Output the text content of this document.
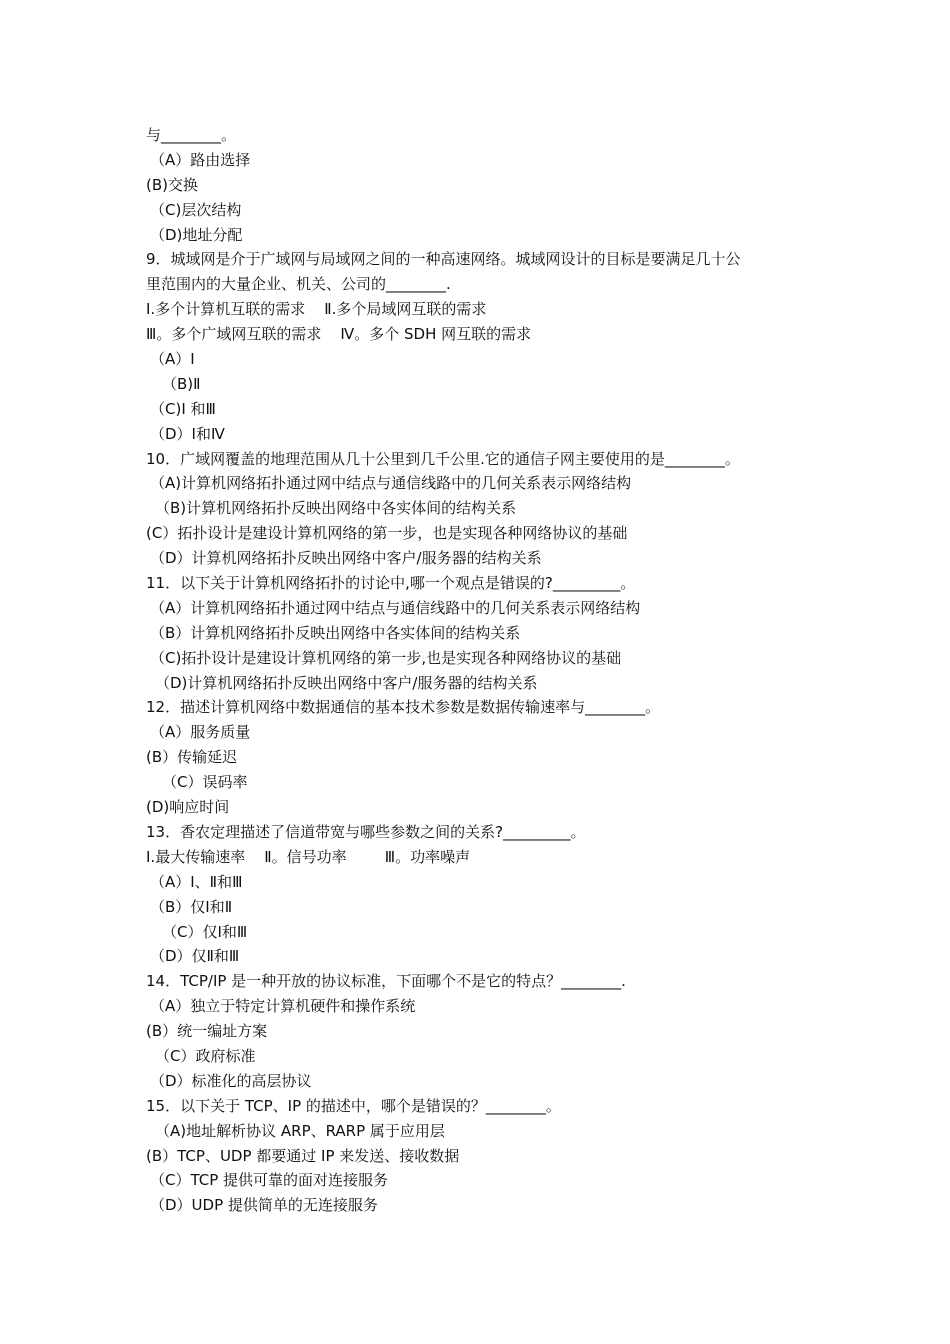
与________。
（A）路由选择
(B)交换
（C)层次结构
（D)地址分配
9．城域网是介于广域网与局域网之间的一种高速网络。城域网设计的目标是要满足几十公
里范围内的大量企业、机关、公司的________.
Ⅰ.多个计算机互联的需求    Ⅱ.多个局域网互联的需求
Ⅲ。多个广域网互联的需求    Ⅳ。多个 SDH 网互联的需求
（A）Ⅰ
（B)Ⅱ
（C)Ⅰ 和Ⅲ
（D）Ⅰ和Ⅳ
10．广域网覆盖的地理范围从几十公里到几千公里.它的通信子网主要使用的是________。
（A)计算机网络拓扑通过网中结点与通信线路中的几何关系表示网络结构
（B)计算机网络拓扑反映出网络中各实体间的结构关系
(C）拓扑设计是建设计算机网络的第一步，也是实现各种网络协议的基础
（D）计算机网络拓扑反映出网络中客户/服务器的结构关系
11．以下关于计算机网络拓扑的讨论中,哪一个观点是错误的?_________。
（A）计算机网络拓扑通过网中结点与通信线路中的几何关系表示网络结构
（B）计算机网络拓扑反映出网络中各实体间的结构关系
（C)拓扑设计是建设计算机网络的第一步,也是实现各种网络协议的基础
（D)计算机网络拓扑反映出网络中客户/服务器的结构关系
12．描述计算机网络中数据通信的基本技术参数是数据传输速率与________。
（A）服务质量
(B）传输延迟
（C）误码率
(D)响应时间
13．香农定理描述了信道带宽与哪些参数之间的关系?_________。
Ⅰ.最大传输速率    Ⅱ。信号功率        Ⅲ。功率噪声
（A）Ⅰ、Ⅱ和Ⅲ
（B）仅Ⅰ和Ⅱ
（C）仅Ⅰ和Ⅲ
（D）仅Ⅱ和Ⅲ
14．TCP/IP 是一种开放的协议标准，下面哪个不是它的特点？________.
（A）独立于特定计算机硬件和操作系统
(B）统一编址方案
（C）政府标准
（D）标准化的高层协议
15．以下关于 TCP、IP 的描述中，哪个是错误的？________。
（A)地址解析协议 ARP、RARP 属于应用层
(B）TCP、UDP 都要通过 IP 来发送、接收数据
（C）TCP 提供可靠的面对连接服务
（D）UDP 提供简单的无连接服务
